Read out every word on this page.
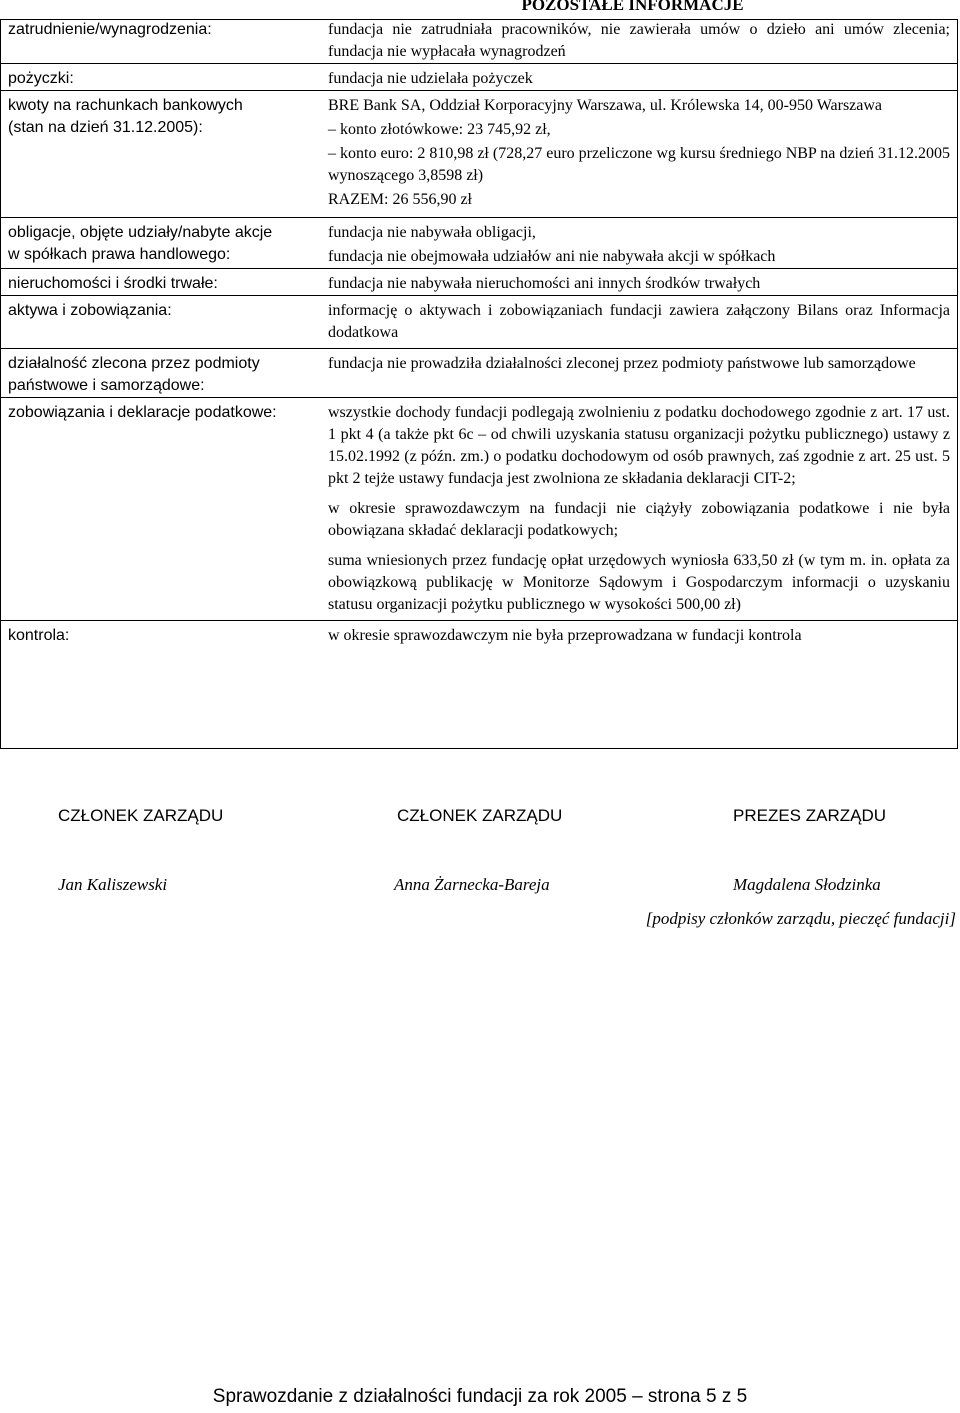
POZOSTAŁE INFORMACJE
zatrudnienie/wynagrodzenia:	fundacja nie zatrudniała pracowników, nie zawierała umów o dzieło ani umów zlecenia; fundacja nie wypłacała wynagrodzeń

pożyczki:	fundacja nie udzielała pożyczek

kwoty na rachunkach bankowych
(stan na dzień 31.12.2005):	BRE Bank SA, Oddział Korporacyjny Warszawa, ul. Królewska 14, 00-950 Warszawa
– konto złotówkowe: 23 745,92 zł,
– konto euro: 2 810,98 zł (728,27 euro przeliczone wg kursu średniego NBP na dzień 31.12.2005 wynoszącego 3,8598 zł)
RAZEM: 26 556,90 zł

obligacje, objęte udziały/nabyte akcje
w spółkach prawa handlowego:	fundacja nie nabywała obligacji,
fundacja nie obejmowała udziałów ani nie nabywała akcji w spółkach

nieruchomości i środki trwałe:	fundacja nie nabywała nieruchomości ani innych środków trwałych

aktywa i zobowiązania:	informację o aktywach i zobowiązaniach fundacji zawiera załączony Bilans oraz Informacja dodatkowa

działalność zlecona przez podmioty
państwowe i samorządowe:	fundacja nie prowadziła działalności zleconej przez podmioty państwowe lub samorządowe

zobowiązania i deklaracje podatkowe:	wszystkie dochody fundacji podlegają zwolnieniu z podatku dochodowego zgodnie z art. 17 ust. 1 pkt 4 (a także pkt 6c – od chwili uzyskania statusu organizacji pożytku publicznego) ustawy z 15.02.1992 (z późn. zm.) o podatku dochodowym od osób prawnych, zaś zgodnie z art. 25 ust. 5 pkt 2 tejże ustawy fundacja jest zwolniona ze składania deklaracji CIT-2;
w okresie sprawozdawczym na fundacji nie ciążyły zobowiązania podatkowe i nie była obowiązana składać deklaracji podatkowych;
suma wniesionych przez fundację opłat urzędowych wyniosła 633,50 zł (w tym m. in. opłata za obowiązkową publikację w Monitorze Sądowym i Gospodarczym informacji o uzyskaniu statusu organizacji pożytku publicznego w wysokości 500,00 zł)

kontrola:	w okresie sprawozdawczym nie była przeprowadzana w fundacji kontrola
CZŁONEK ZARZĄDU	CZŁONEK ZARZĄDU	PREZES ZARZĄDU
Jan Kaliszewski	Anna Żarnecka-Bareja	Magdalena Słodzinka
[podpisy członków zarządu, pieczęć fundacji]
Sprawozdanie z działalności fundacji za rok 2005 – strona 5 z 5
